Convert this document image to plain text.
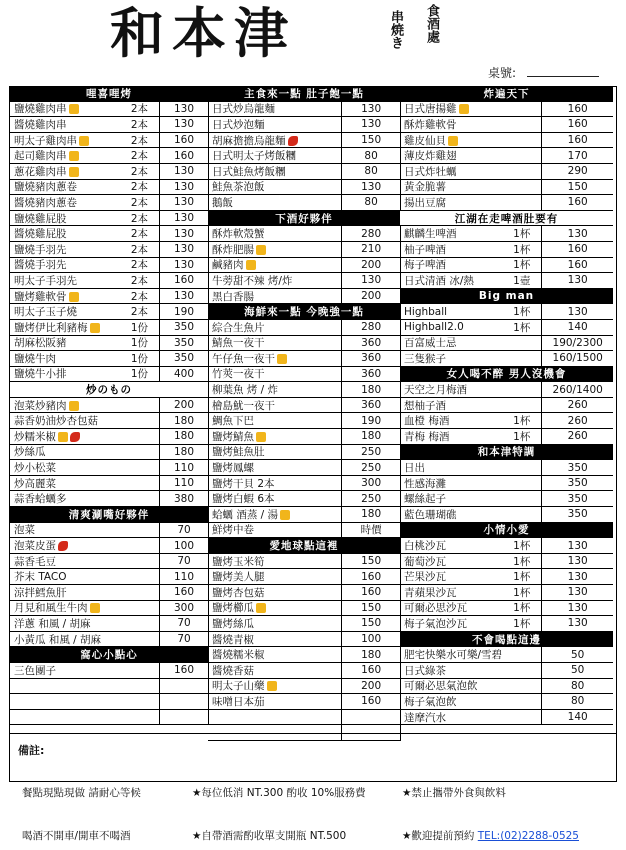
和本津	串焼き 食酒處
桌號:
哩喜哩烤
鹽燒雞肉串	2本	130
醬燒雞肉串	2本	130
明太子雞肉串	2本	160
起司雞肉串	2本	160
蔥花雞肉串	2本	130
鹽燒豬肉蔥卷	2本	130
醬燒豬肉蔥卷	2本	130
鹽燒雞屁股	2本	130
醬燒雞屁股	2本	130
鹽燒手羽先	2本	130
醬燒手羽先	2本	130
明太子手羽先	2本	160
鹽烤雞軟骨	2本	130
明太子玉子燒	2本	190
鹽烤伊比利豬梅	1份	350
胡麻松阪豬	1份	350
鹽燒牛肉	1份	350
鹽燒牛小排	1份	400
炒のもの
泡菜炒豬肉	200
蒜香奶油炒杏包菇	180
炒糯米椒	180
炒絲瓜	180
炒小松菜	110
炒高麗菜	110
蒜香蛤蠣多	380
清爽涮嘴好夥伴
泡菜	70
泡菜皮蛋	100
蒜香毛豆	70
芥末 TACO	110
涼拌鱈魚肝	160
月見和風生牛肉	300
洋蔥 和風 / 胡麻	70
小黃瓜 和風 / 胡麻	70
窩心小點心
三色團子	160
主食來一點 肚子飽一點
日式炒烏龍麵	130
日式炒泡麵	130
胡麻擔擔烏龍麵	150
日式明太子烤飯糰	80
日式鮭魚烤飯糰	80
鮭魚茶泡飯	130
鵝飯	80
下酒好夥伴
酥炸軟殼蟹	280
酥炸肥腸	210
鹹豬肉	200
牛蒡甜不辣 烤/炸	130
黑白香腸	200
海鮮來一點 今晚強一點
綜合生魚片	280
鯖魚一夜干	360
午仔魚一夜干	360
竹莢一夜干	360
柳葉魚 烤 / 炸	180
檜島魷一夜干	360
鯛魚下巴	190
鹽烤鯖魚	180
鹽烤鮭魚肚	250
鹽烤鳳螺	250
鹽烤干貝 2本	300
鹽烤白蝦 6本	250
蛤蠣 酒蒸 / 湯	180
鮮烤中卷	時價
愛地球點這裡
鹽烤玉米筍	150
鹽烤美人腿	160
鹽烤杏包菇	160
鹽烤櫛瓜	150
鹽烤絲瓜	150
醬燒青椒	100
醬燒糯米椒	180
醬燒香菇	160
明太子山藥	200
味噌日本茄	160
炸遍天下
日式唐揚雞	160
酥炸雞軟骨	160
雞皮仙貝	160
薄皮炸雞翅	170
日式炸牡蠣	290
黃金脆薯	150
揚出豆腐	160
江湖在走啤酒肚要有
麒麟生啤酒	1杯	130
柚子啤酒	1杯	160
梅子啤酒	1杯	160
日式清酒 冰/熱	1壺	130
Big man
Highball	1杯	130
Highball2.0	1杯	140
百富威士忌	190/2300
三隻猴子	160/1500
女人喝不醉 男人沒機會
天空之月梅酒	260/1400
想柚子酒	260
血橙 梅酒	1杯	260
青梅 梅酒	1杯	260
和本津特調
日出	350
性感海灘	350
螺絲起子	350
藍色珊瑚礁	350
小情小愛
白桃沙瓦	1杯	130
葡萄沙瓦	1杯	130
芒果沙瓦	1杯	130
青蘋果沙瓦	1杯	130
可爾必思沙瓦	1杯	130
梅子氣泡沙瓦	1杯	130
不會喝點這邊
肥宅快樂水可樂/雪碧	50
日式綠茶	50
可爾必思氣泡飲	80
梅子氣泡飲	80
達摩汽水	140
備註:
餐點現點現做 請耐心等候	★每位低消 NT.300 酌收 10%服務費	★禁止攜帶外食與飲料
喝酒不開車/開車不喝酒	★自帶酒需酌收單支開瓶 NT.500	★歡迎提前預約 TEL:(02)2288-0525
